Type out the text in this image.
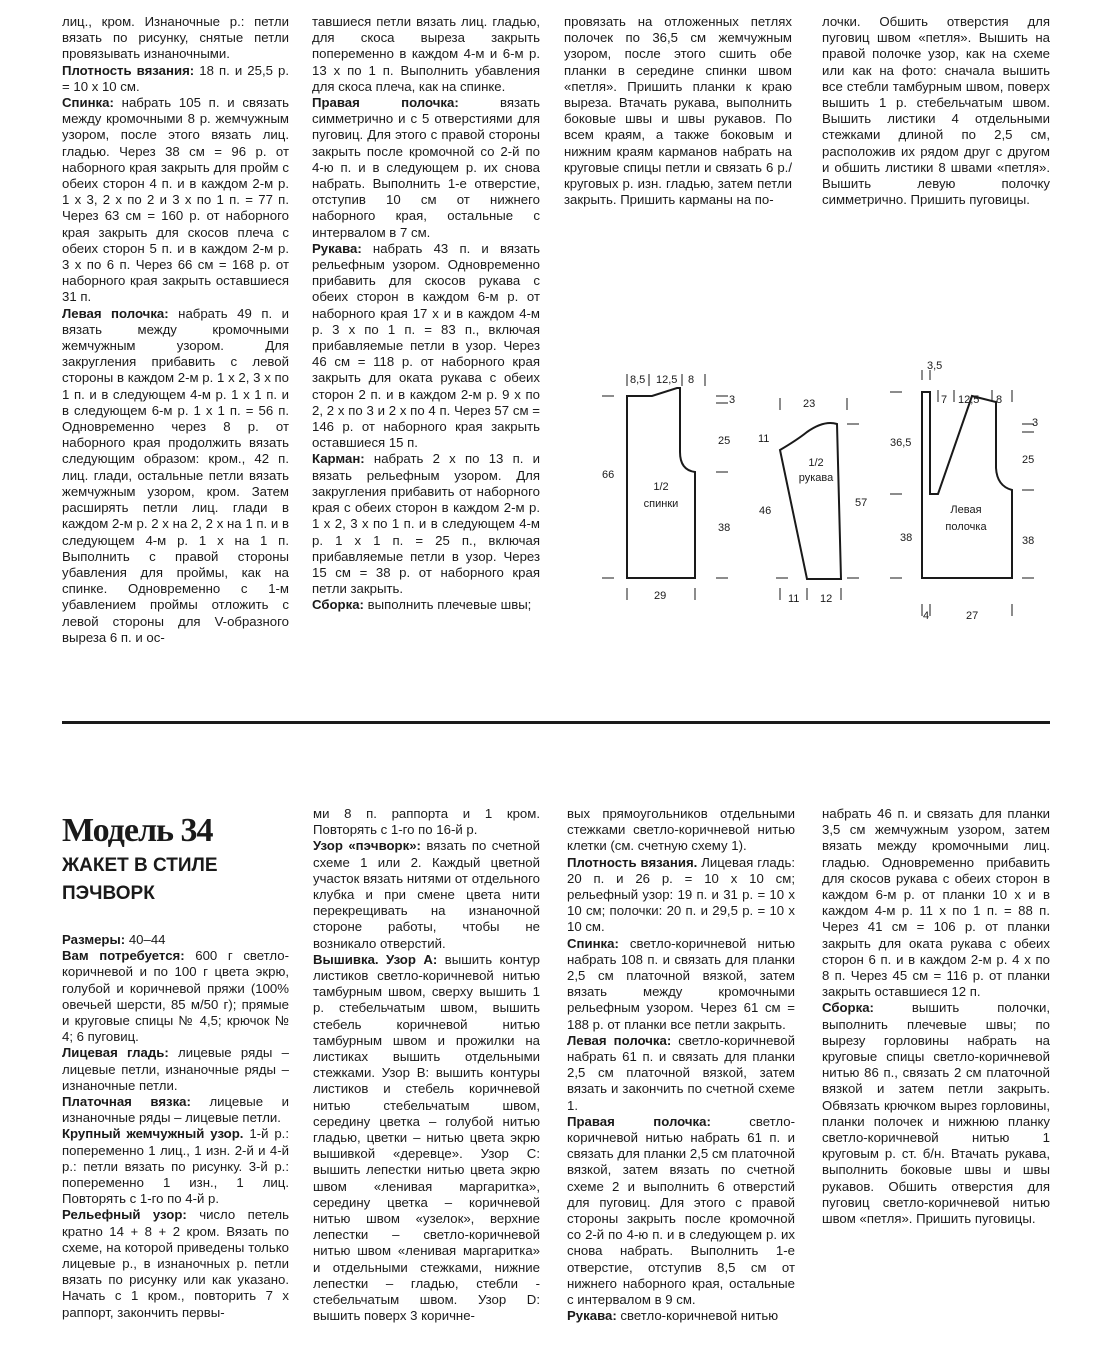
лиц., кром. Изнаночные р.: петли вязать по рисунку, снятые петли провязывать изнаночными.

Плотность вязания: 18 п. и 25,5 р. = 10 х 10 см.

Спинка: набрать 105 п. и связать между кромочными 8 р. жемчужным узором, после этого вязать лиц. гладью. Через 38 см = 96 р. от наборного края закрыть для пройм с обеих сторон 4 п. и в каждом 2-м р. 1 х 3, 2 х по 2 и 3 х по 1 п. = 77 п. Через 63 см = 160 р. от наборного края закрыть для скосов плеча с обеих сторон 5 п. и в каждом 2-м р. 3 х по 6 п. Через 66 см = 168 р. от наборного края закрыть оставшиеся 31 п.

Левая полочка: набрать 49 п. и вязать между кромочными жемчужным узором. Для закругления прибавить с левой стороны в каждом 2-м р. 1 х 2, 3 х по 1 п. и в следующем 4-м р. 1 х 1 п. и в следующем 6-м р. 1 х 1 п. = 56 п. Одновременно через 8 р. от наборного края продолжить вязать следующим образом: кром., 42 п. лиц. глади, остальные петли вязать жемчужным узором, кром. Затем расширять петли лиц. глади в каждом 2-м р. 2 х на 2, 2 х на 1 п. и в следующем 4-м р. 1 х на 1 п. Выполнить с правой стороны убавления для проймы, как на спинке. Одновременно с 1-м убавлением проймы отложить с левой стороны для V-образного выреза 6 п. и ос-

тавшиеся петли вязать лиц. гладью, для скоса выреза закрыть попеременно в каждом 4-м и 6-м р. 13 х по 1 п. Выполнить убавления для скоса плеча, как на спинке.

Правая полочка: вязать симметрично и с 5 отверстиями для пуговиц. Для этого с правой стороны закрыть после кромочной со 2-й по 4-ю п. и в следующем р. их снова набрать. Выполнить 1-е отверстие, отступив 10 см от нижнего наборного края, остальные с интервалом в 7 см.

Рукава: набрать 43 п. и вязать рельефным узором. Одновременно прибавить для скосов рукава с обеих сторон в каждом 6-м р. от наборного края 17 х и в каждом 4-м р. 3 х по 1 п. = 83 п., включая прибавляемые петли в узор. Через 46 см = 118 р. от наборного края закрыть для оката рукава с обеих сторон 2 п. и в каждом 2-м р. 9 х по 2, 2 х по 3 и 2 х по 4 п. Через 57 см = 146 р. от наборного края закрыть оставшиеся 15 п.

Карман: набрать 2 х по 13 п. и вязать рельефным узором. Для закругления прибавить от наборного края с обеих сторон в каждом 2-м р. 1 х 2, 3 х по 1 п. и в следующем 4-м р. 1 х 1 п. = 25 п., включая прибавляемые петли в узор. Через 15 см = 38 р. от наборного края петли закрыть.

Сборка: выполнить плечевые швы;

провязать на отложенных петлях полочек по 36,5 см жемчужным узором, после этого сшить обе планки в середине спинки швом «петля». Пришить планки к краю выреза. Втачать рукава, выполнить боковые швы и швы рукавов. По всем краям, а также боковым и нижним краям карманов набрать на круговые спицы петли и связать 6 р./круговых р. изн. гладью, затем петли закрыть. Пришить карманы на по-

лочки. Обшить отверстия для пуговиц швом «петля». Вышить на правой полочке узор, как на схеме или как на фото: сначала вышить все стебли тамбурным швом, поверх вышить 1 р. стебельчатым швом. Вышить листики 4 отдельными стежками длиной по 2,5 см, расположив их рядом друг с другом и обшить листики 8 швами «петля». Вышить левую полочку симметрично. Пришить пуговицы.

8,5 12,5 8
3
25
66
38
29
1/2
спинки
23
11
1/2
рукава
46
57
11 12
3,5
7 12,5 8
3
36,5
25
38	38
Левая
полочка
4	27
Модель 34
ЖАКЕТ В СТИЛЕ ПЭЧВОРК

Размеры: 40–44

Вам потребуется: 600 г светло-коричневой и по 100 г цвета экрю, голубой и коричневой пряжи (100% овечьей шерсти, 85 м/50 г); прямые и круговые спицы № 4,5; крючок № 4; 6 пуговиц.

Лицевая гладь: лицевые ряды – лицевые петли, изнаночные ряды – изнаночные петли.

Платочная вязка: лицевые и изнаночные ряды – лицевые петли.

Крупный жемчужный узор. 1-й р.: попеременно 1 лиц., 1 изн. 2-й и 4-й р.: петли вязать по рисунку. 3-й р.: попеременно 1 изн., 1 лиц. Повторять с 1-го по 4-й р.

Рельефный узор: число петель кратно 14 + 8 + 2 кром. Вязать по схеме, на которой приведены только лицевые р., в изнаночных р. петли вязать по рисунку или как указано. Начать с 1 кром., повторить 7 х раппорт, закончить первы-

ми 8 п. раппорта и 1 кром. Повторять с 1-го по 16-й р.

Узор «пэчворк»: вязать по счетной схеме 1 или 2. Каждый цветной участок вязать нитями от отдельного клубка и при смене цвета нити перекрещивать на изнаночной стороне работы, чтобы не возникало отверстий.

Вышивка. Узор А: вышить контур листиков светло-коричневой нитью тамбурным швом, сверху вышить 1 р. стебельчатым швом, вышить стебель коричневой нитью тамбурным швом и прожилки на листиках вышить отдельными стежками. Узор В: вышить контуры листиков и стебель коричневой нитью стебельчатым швом, середину цветка – голубой нитью гладью, цветки – нитью цвета экрю вышивкой «деревце». Узор С: вышить лепестки нитью цвета экрю швом «ленивая маргаритка», середину цветка – коричневой нитью швом «узелок», верхние лепестки – светло-коричневой нитью швом «ленивая маргаритка» и отдельными стежками, нижние лепестки – гладью, стебли - стебельчатым швом. Узор D: вышить поверх 3 коричне-

вых прямоугольников отдельными стежками светло-коричневой нитью клетки (см. счетную схему 1).

Плотность вязания. Лицевая гладь: 20 п. и 26 р. = 10 х 10 см; рельефный узор: 19 п. и 31 р. = 10 х 10 см; полочки: 20 п. и 29,5 р. = 10 х 10 см.

Спинка: светло-коричневой нитью набрать 108 п. и связать для планки 2,5 см платочной вязкой, затем вязать между кромочными рельефным узором. Через 61 см = 188 р. от планки все петли закрыть.

Левая полочка: светло-коричневой набрать 61 п. и связать для планки 2,5 см платочной вязкой, затем вязать и закончить по счетной схеме 1.

Правая полочка: светло-коричневой нитью набрать 61 п. и связать для планки 2,5 см платочной вязкой, затем вязать по счетной схеме 2 и выполнить 6 отверстий для пуговиц. Для этого с правой стороны закрыть после кромочной со 2-й по 4-ю п. и в следующем р. их снова набрать. Выполнить 1-е отверстие, отступив 8,5 см от нижнего наборного края, остальные с интервалом в 9 см.

Рукава: светло-коричневой нитью

набрать 46 п. и связать для планки 3,5 см жемчужным узором, затем вязать между кромочными лиц. гладью. Одновременно прибавить для скосов рукава с обеих сторон в каждом 6-м р. от планки 10 х и в каждом 4-м р. 11 х по 1 п. = 88 п. Через 41 см = 106 р. от планки закрыть для оката рукава с обеих сторон 6 п. и в каждом 2-м р. 4 х по 8 п. Через 45 см = 116 р. от планки закрыть оставшиеся 12 п.

Сборка: вышить полочки, выполнить плечевые швы; по вырезу горловины набрать на круговые спицы светло-коричневой нитью 86 п., связать 2 см платочной вязкой и затем петли закрыть. Обвязать крючком вырез горловины, планки полочек и нижнюю планку светло-коричневой нитью 1 круговым р. ст. б/н. Втачать рукава, выполнить боковые швы и швы рукавов. Обшить отверстия для пуговиц светло-коричневой нитью швом «петля». Пришить пуговицы.
